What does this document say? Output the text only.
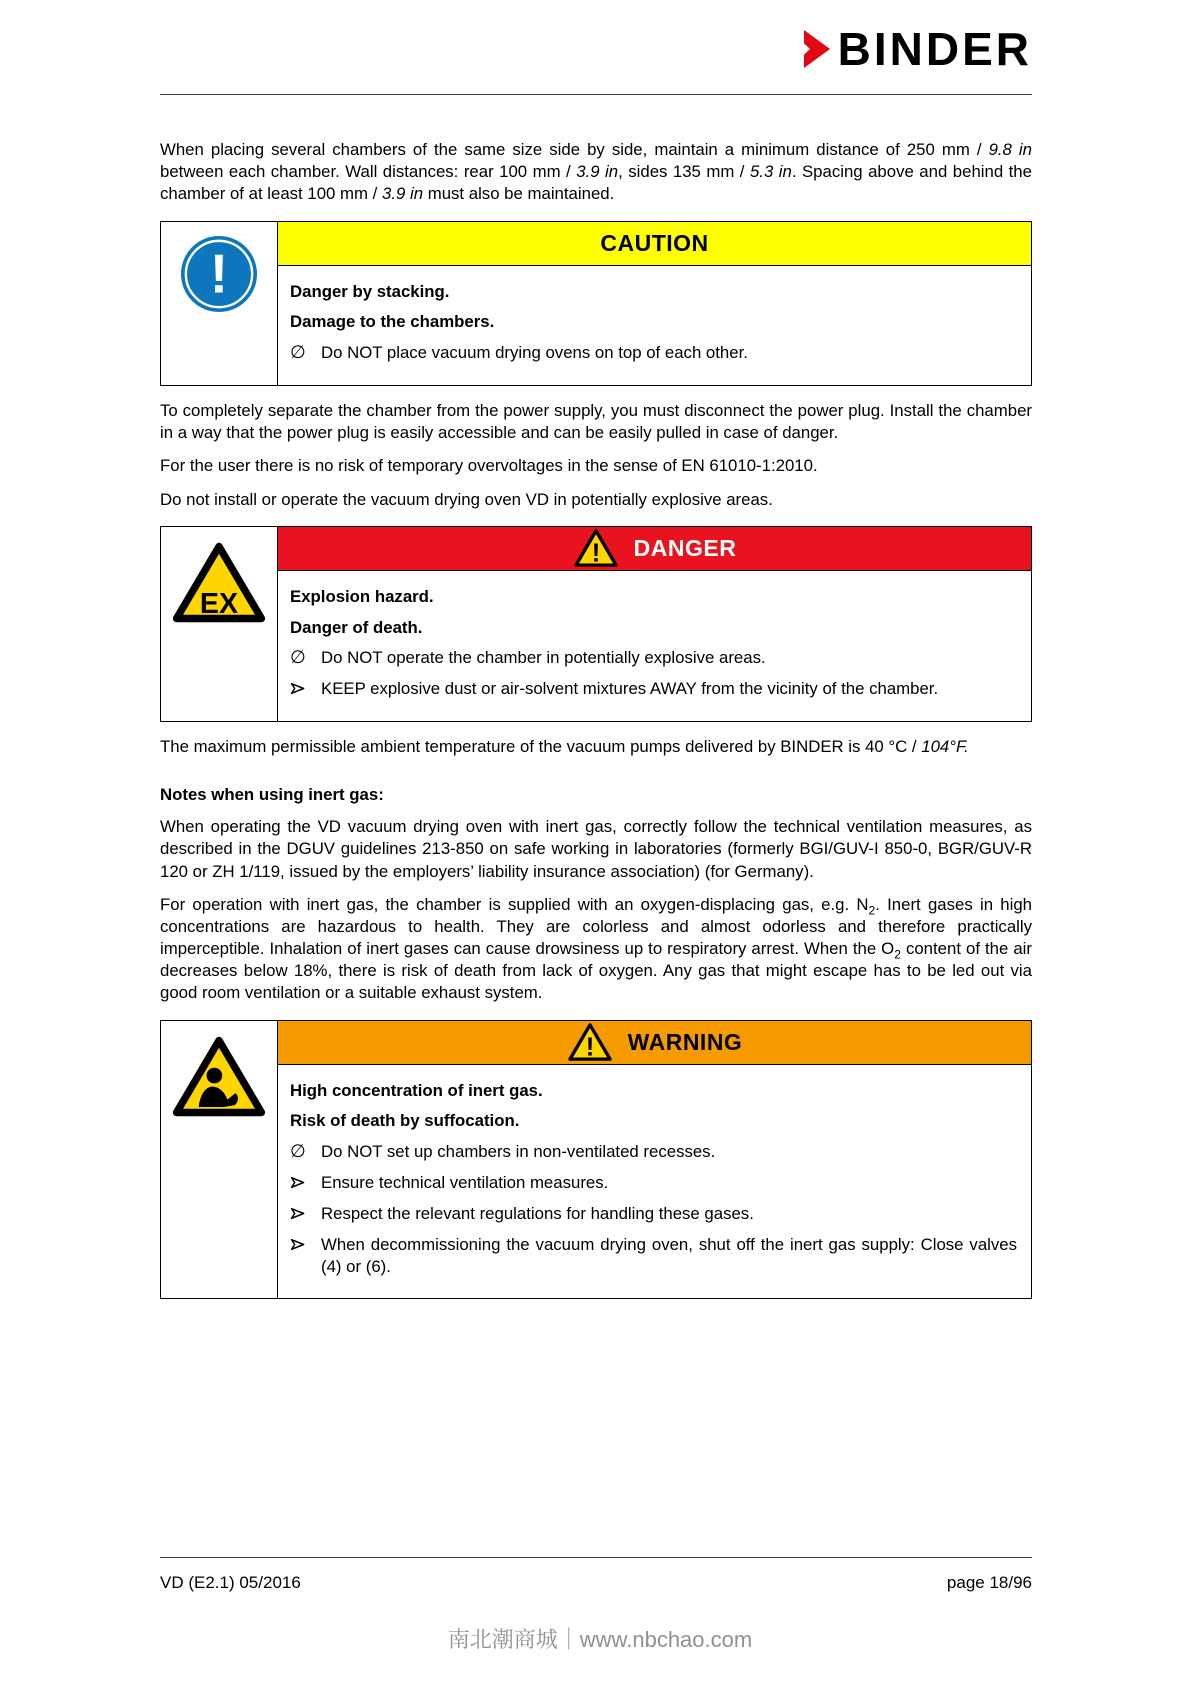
BINDER

When placing several chambers of the same size side by side, maintain a minimum distance of 250 mm / 9.8 in between each chamber. Wall distances: rear 100 mm / 3.9 in, sides 135 mm / 5.3 in. Spacing above and behind the chamber of at least 100 mm / 3.9 in must also be maintained.

!
CAUTION
Danger by stacking.
Damage to the chambers.
∅ Do NOT place vacuum drying ovens on top of each other.

To completely separate the chamber from the power supply, you must disconnect the power plug. Install the chamber in a way that the power plug is easily accessible and can be easily pulled in case of danger.

For the user there is no risk of temporary overvoltages in the sense of EN 61010-1:2010.

Do not install or operate the vacuum drying oven VD in potentially explosive areas.

EX
! DANGER
Explosion hazard.
Danger of death.
∅ Do NOT operate the chamber in potentially explosive areas.
KEEP explosive dust or air-solvent mixtures AWAY from the vicinity of the chamber.

The maximum permissible ambient temperature of the vacuum pumps delivered by BINDER is 40 °C / 104°F.

Notes when using inert gas:

When operating the VD vacuum drying oven with inert gas, correctly follow the technical ventilation measures, as described in the DGUV guidelines 213-850 on safe working in laboratories (formerly BGI/GUV-I 850-0, BGR/GUV-R 120 or ZH 1/119, issued by the employers’ liability insurance association) (for Germany).

For operation with inert gas, the chamber is supplied with an oxygen-displacing gas, e.g. $N_2$. Inert gases in high concentrations are hazardous to health. They are colorless and almost odorless and therefore practically imperceptible. Inhalation of inert gases can cause drowsiness up to respiratory arrest. When the $O_2$ content of the air decreases below 18%, there is risk of death from lack of oxygen. Any gas that might escape has to be led out via good room ventilation or a suitable exhaust system.

! WARNING
High concentration of inert gas.
Risk of death by suffocation.
∅ Do NOT set up chambers in non-ventilated recesses.
Ensure technical ventilation measures.
Respect the relevant regulations for handling these gases.
When decommissioning the vacuum drying oven, shut off the inert gas supply: Close valves (4) or (6).
VD (E2.1) 05/2016	page 18/96
南北潮商城｜www.nbchao.com
